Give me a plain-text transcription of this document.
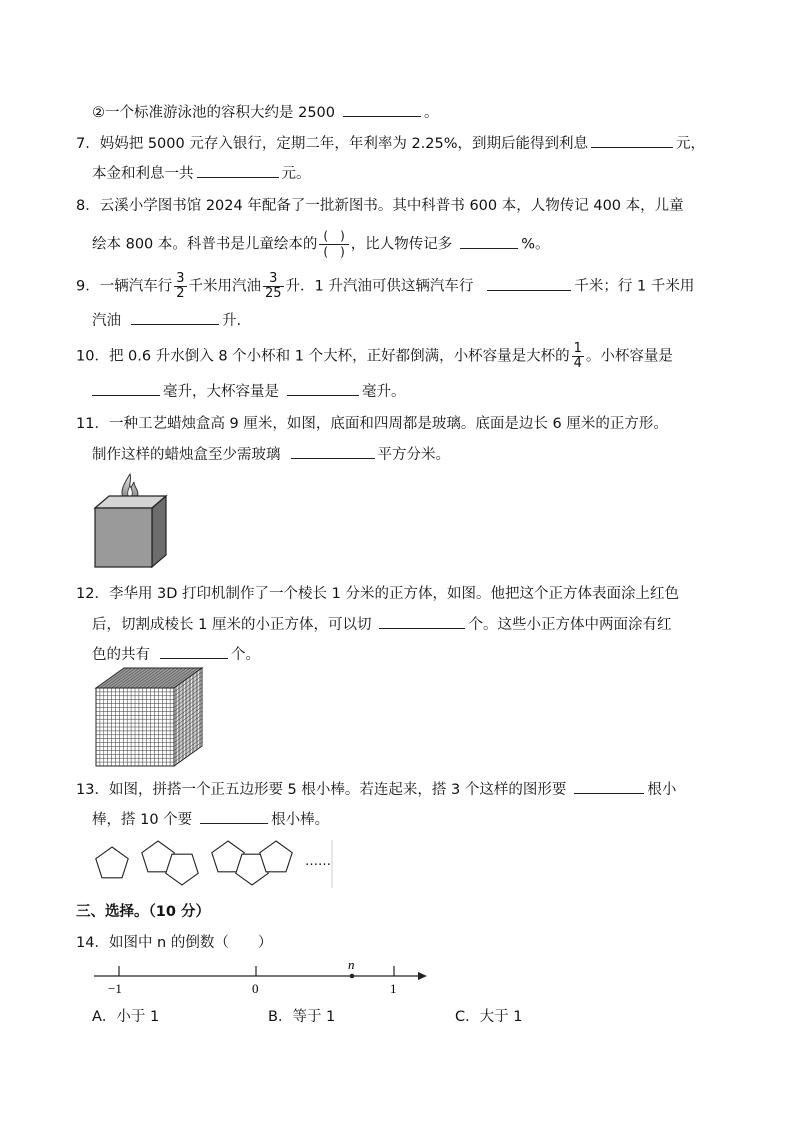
②一个标准游泳池的容积大约是 2500	。
7．妈妈把 5000 元存入银行，定期二年，年利率为 2.25%，到期后能得到利息	元，
本金和利息一共	元。
8．云溪小学图书馆 2024 年配备了一批新图书。其中科普书 600 本，人物传记 400 本，儿童
绘本 800 本。科普书是儿童绘本的 $\frac{( )}{( )}$ ，比人物传记多	%。
9．一辆汽车行 $\frac{3}{2}$ 千米用汽油 $\frac{3}{25}$ 升．1 升汽油可供这辆汽车行	千米；行 1 千米用
汽油	升.
10．把 0.6 升水倒入 8 个小杯和 1 个大杯，正好都倒满，小杯容量是大杯的 $\frac{1}{4}$ 。小杯容量是
毫升，大杯容量是	毫升。
11．一种工艺蜡烛盒高 9 厘米，如图，底面和四周都是玻璃。底面是边长 6 厘米的正方形。
制作这样的蜡烛盒至少需玻璃	平方分米。
12．李华用 3D 打印机制作了一个棱长 1 分米的正方体，如图。他把这个正方体表面涂上红色
后，切割成棱长 1 厘米的小正方体，可以切	个。这些小正方体中两面涂有红
色的共有	个。
13．如图，拼搭一个正五边形要 5 根小棒。若连起来，搭 3 个这样的图形要	根小
棒，搭 10 个要	根小棒。
……
三、选择。（10 分）
14．如图中 n 的倒数（　　）
−1	0	1
n
A．小于 1	B．等于 1	C．大于 1
